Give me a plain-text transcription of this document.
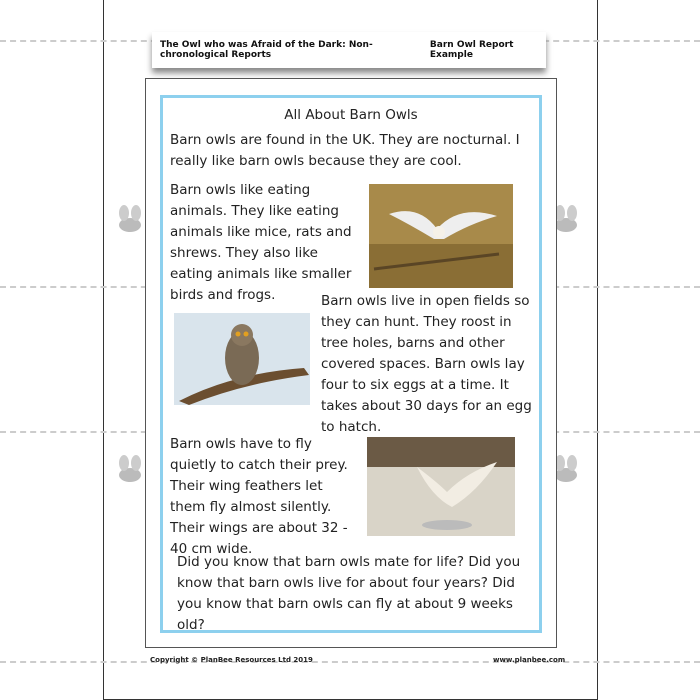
The Owl who was Afraid of the Dark: Non-chronological Reports
Barn Owl Report Example
All About Barn Owls
Barn owls are found in the UK. They are nocturnal. I really like barn owls because they are cool.
Barn owls like eating animals. They like eating animals like mice, rats and shrews. They also like eating animals like smaller birds and frogs.	Barn owls live in open fields so they can hunt. They roost in tree holes, barns and other covered spaces. Barn owls lay four to six eggs at a time. It takes about 30 days for an egg to hatch.
Barn owls have to fly quietly to catch their prey. Their wing feathers let them fly almost silently. Their wings are about 32 - 40 cm wide.
Did you know that barn owls mate for life? Did you know that barn owls live for about four years? Did you know that barn owls can fly at about 9 weeks old?
Copyright © PlanBee Resources Ltd 2019	www.planbee.com
